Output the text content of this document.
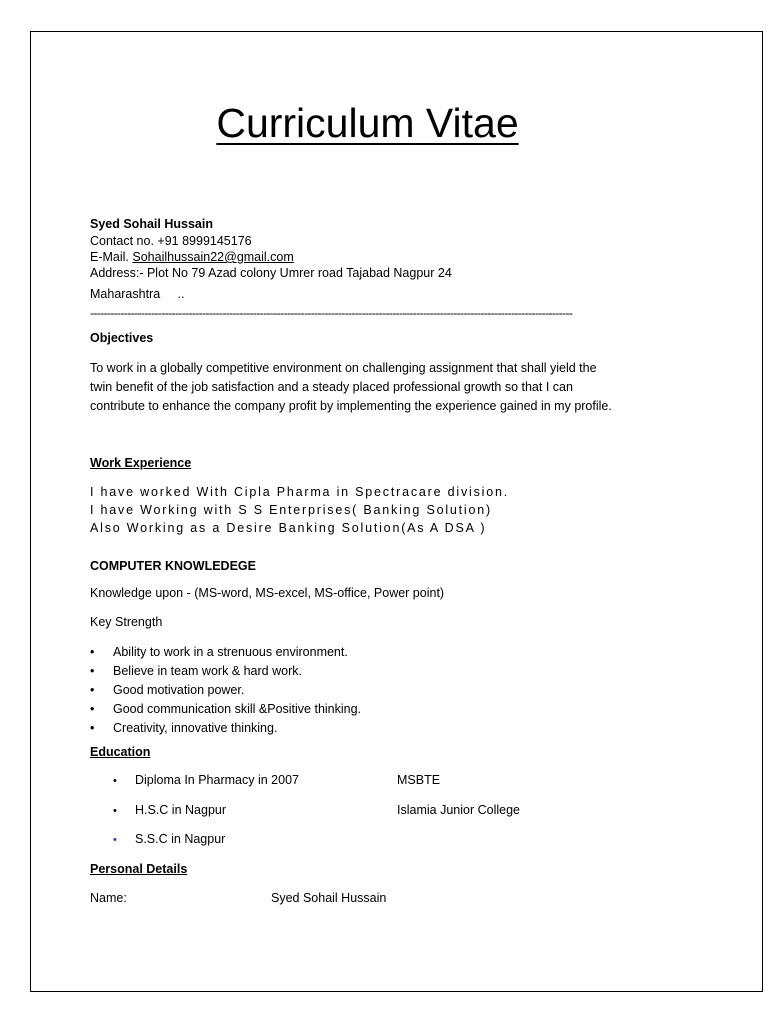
Curriculum Vitae
Syed Sohail Hussain
Contact no. +91 8999145176
E-Mail. Sohailhussain22@gmail.com
Address:- Plot No 79 Azad colony Umrer road Tajabad Nagpur 24
Maharashtra     ..
----------------------------------------------------------------------------------------------------------------------------------------------
Objectives
To work in a globally competitive environment on challenging assignment that shall yield the
twin benefit of the job satisfaction and a steady placed professional growth so that I can
contribute to enhance the company profit by implementing the experience gained in my profile.
Work Experience
I have worked With Cipla Pharma in Spectracare division.
I have Working with S S Enterprises( Banking Solution)
Also Working as a Desire Banking Solution(As A DSA )
COMPUTER KNOWLEDEGE
Knowledge upon - (MS-word, MS-excel, MS-office, Power point)
Key Strength
• Ability to work in a strenuous environment.
• Believe in team work & hard work.
• Good motivation power.
• Good communication skill &Positive thinking.
• Creativity, innovative thinking.
Education
• Diploma In Pharmacy in 2007	MSBTE
• H.S.C in Nagpur	Islamia Junior College
• S.S.C in Nagpur
Personal Details
Name:	Syed Sohail Hussain
